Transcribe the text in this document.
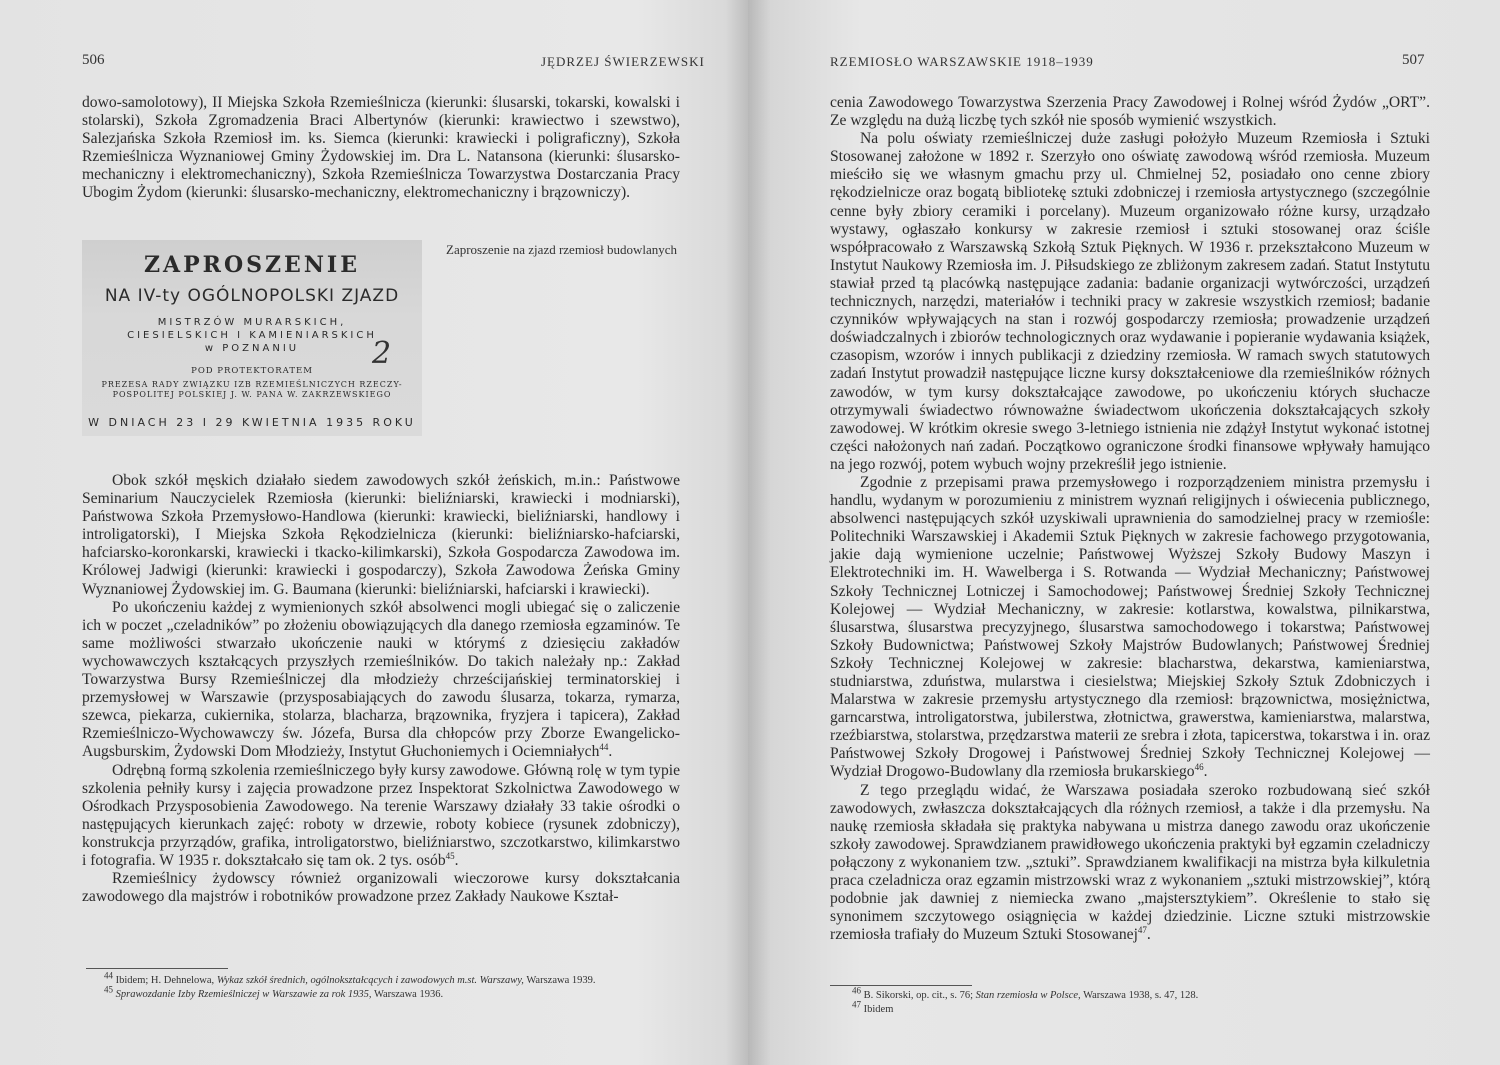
506	JĘDRZEJ ŚWIERZEWSKI

dowo-samolotowy), II Miejska Szkoła Rzemieślnicza (kierunki: ślusarski, tokarski, kowalski i stolarski), Szkoła Zgromadzenia Braci Albertynów (kierunki: krawiectwo i szewstwo), Salezjańska Szkoła Rzemiosł im. ks. Siemca (kierunki: krawiecki i poligraficzny), Szkoła Rzemieślnicza Wyznaniowej Gminy Żydowskiej im. Dra L. Natansona (kierunki: ślusarsko-mechaniczny i elektromechaniczny), Szkoła Rzemieślnicza Towarzystwa Dostarczania Pracy Ubogim Żydom (kierunki: ślusarsko-mechaniczny, elektromechaniczny i brązowniczy).

ZAPROSZENIE
NA IV-ty OGÓLNOPOLSKI ZJAZD
MISTRZÓW MURARSKICH,
CIESIELSKICH I KAMIENIARSKICH
w POZNANIU	2
POD PROTEKTORATEM
PREZESA RADY ZWIĄZKU IZB RZEMIEŚLNICZYCH RZECZY-
POSPOLITEJ POLSKIEJ J. W. PANA W. ZAKRZEWSKIEGO
W DNIACH 23 I 29 KWIETNIA 1935 ROKU
Zaproszenie na zjazd rzemiosł budowlanych

Obok szkół męskich działało siedem zawodowych szkół żeńskich, m.in.: Państwowe Seminarium Nauczycielek Rzemiosła (kierunki: bieliźniarski, krawiecki i modniarski), Państwowa Szkoła Przemysłowo-Handlowa (kierunki: krawiecki, bieliźniarski, handlowy i introligatorski), I Miejska Szkoła Rękodzielnicza (kierunki: bieliźniarsko-hafciarski, hafciarsko-koronkarski, krawiecki i tkacko-kilimkarski), Szkoła Gospodarcza Zawodowa im. Królowej Jadwigi (kierunki: krawiecki i gospodarczy), Szkoła Zawodowa Żeńska Gminy Wyznaniowej Żydowskiej im. G. Baumana (kierunki: bieliźniarski, hafciarski i krawiecki).

Po ukończeniu każdej z wymienionych szkół absolwenci mogli ubiegać się o zaliczenie ich w poczet „czeladników” po złożeniu obowiązujących dla danego rzemiosła egzaminów. Te same możliwości stwarzało ukończenie nauki w którymś z dziesięciu zakładów wychowawczych kształcących przyszłych rzemieślników. Do takich należały np.: Zakład Towarzystwa Bursy Rzemieślniczej dla młodzieży chrześcijańskiej terminatorskiej i przemysłowej w Warszawie (przysposabiających do zawodu ślusarza, tokarza, rymarza, szewca, piekarza, cukiernika, stolarza, blacharza, brązownika, fryzjera i tapicera), Zakład Rzemieślniczo-Wychowawczy św. Józefa, Bursa dla chłopców przy Zborze Ewangelicko-Augsburskim, Żydowski Dom Młodzieży, Instytut Głuchoniemych i Ociemniałych$^{44}$.

Odrębną formą szkolenia rzemieślniczego były kursy zawodowe. Główną rolę w tym typie szkolenia pełniły kursy i zajęcia prowadzone przez Inspektorat Szkolnictwa Zawodowego w Ośrodkach Przysposobienia Zawodowego. Na terenie Warszawy działały 33 takie ośrodki o następujących kierunkach zajęć: roboty w drzewie, roboty kobiece (rysunek zdobniczy), konstrukcja przyrządów, grafika, introligatorstwo, bieliźniarstwo, szczotkarstwo, kilimkarstwo i fotografia. W 1935 r. dokształcało się tam ok. 2 tys. osób$^{45}$.

Rzemieślnicy żydowscy również organizowali wieczorowe kursy dokształcania zawodowego dla majstrów i robotników prowadzone przez Zakłady Naukowe Kształ-

$^{44}$ Ibidem; H. Dehnelowa, Wykaz szkół średnich, ogólnokształcących i zawodowych m.st. Warszawy, Warszawa 1939.
$^{45}$ Sprawozdanie Izby Rzemieślniczej w Warszawie za rok 1935, Warszawa 1936.
RZEMIOSŁO WARSZAWSKIE 1918–1939	507

cenia Zawodowego Towarzystwa Szerzenia Pracy Zawodowej i Rolnej wśród Żydów „ORT”. Ze względu na dużą liczbę tych szkół nie sposób wymienić wszystkich.

Na polu oświaty rzemieślniczej duże zasługi położyło Muzeum Rzemiosła i Sztuki Stosowanej założone w 1892 r. Szerzyło ono oświatę zawodową wśród rzemiosła. Muzeum mieściło się we własnym gmachu przy ul. Chmielnej 52, posiadało ono cenne zbiory rękodzielnicze oraz bogatą bibliotekę sztuki zdobniczej i rzemiosła artystycznego (szczególnie cenne były zbiory ceramiki i porcelany). Muzeum organizowało różne kursy, urządzało wystawy, ogłaszało konkursy w zakresie rzemiosł i sztuki stosowanej oraz ściśle współpracowało z Warszawską Szkołą Sztuk Pięknych. W 1936 r. przekształcono Muzeum w Instytut Naukowy Rzemiosła im. J. Piłsudskiego ze zbliżonym zakresem zadań. Statut Instytutu stawiał przed tą placówką następujące zadania: badanie organizacji wytwórczości, urządzeń technicznych, narzędzi, materiałów i techniki pracy w zakresie wszystkich rzemiosł; badanie czynników wpływających na stan i rozwój gospodarczy rzemiosła; prowadzenie urządzeń doświadczalnych i zbiorów technologicznych oraz wydawanie i popieranie wydawania książek, czasopism, wzorów i innych publikacji z dziedziny rzemiosła. W ramach swych statutowych zadań Instytut prowadził następujące liczne kursy dokształceniowe dla rzemieślników różnych zawodów, w tym kursy dokształcające zawodowe, po ukończeniu których słuchacze otrzymywali świadectwo równoważne świadectwom ukończenia dokształcających szkoły zawodowej. W krótkim okresie swego 3-letniego istnienia nie zdążył Instytut wykonać istotnej części nałożonych nań zadań. Początkowo ograniczone środki finansowe wpływały hamująco na jego rozwój, potem wybuch wojny przekreślił jego istnienie.

Zgodnie z przepisami prawa przemysłowego i rozporządzeniem ministra przemysłu i handlu, wydanym w porozumieniu z ministrem wyznań religijnych i oświecenia publicznego, absolwenci następujących szkół uzyskiwali uprawnienia do samodzielnej pracy w rzemiośle: Politechniki Warszawskiej i Akademii Sztuk Pięknych w zakresie fachowego przygotowania, jakie dają wymienione uczelnie; Państwowej Wyższej Szkoły Budowy Maszyn i Elektrotechniki im. H. Wawelberga i S. Rotwanda — Wydział Mechaniczny; Państwowej Szkoły Technicznej Lotniczej i Samochodowej; Państwowej Średniej Szkoły Technicznej Kolejowej — Wydział Mechaniczny, w zakresie: kotlarstwa, kowalstwa, pilnikarstwa, ślusarstwa, ślusarstwa precyzyjnego, ślusarstwa samochodowego i tokarstwa; Państwowej Szkoły Budownictwa; Państwowej Szkoły Majstrów Budowlanych; Państwowej Średniej Szkoły Technicznej Kolejowej w zakresie: blacharstwa, dekarstwa, kamieniarstwa, studniarstwa, zduństwa, mularstwa i ciesielstwa; Miejskiej Szkoły Sztuk Zdobniczych i Malarstwa w zakresie przemysłu artystycznego dla rzemiosł: brązownictwa, mosiężnictwa, garncarstwa, introligatorstwa, jubilerstwa, złotnictwa, grawerstwa, kamieniarstwa, malarstwa, rzeźbiarstwa, stolarstwa, przędzarstwa materii ze srebra i złota, tapicerstwa, tokarstwa i in. oraz Państwowej Szkoły Drogowej i Państwowej Średniej Szkoły Technicznej Kolejowej — Wydział Drogowo-Budowlany dla rzemiosła brukarskiego$^{46}$.

Z tego przeglądu widać, że Warszawa posiadała szeroko rozbudowaną sieć szkół zawodowych, zwłaszcza dokształcających dla różnych rzemiosł, a także i dla przemysłu. Na naukę rzemiosła składała się praktyka nabywana u mistrza danego zawodu oraz ukończenie szkoły zawodowej. Sprawdzianem prawidłowego ukończenia praktyki był egzamin czeladniczy połączony z wykonaniem tzw. „sztuki”. Sprawdzianem kwalifikacji na mistrza była kilkuletnia praca czeladnicza oraz egzamin mistrzowski wraz z wykonaniem „sztuki mistrzowskiej”, którą podobnie jak dawniej z niemiecka zwano „majstersztykiem”. Określenie to stało się synonimem szczytowego osiągnięcia w każdej dziedzinie. Liczne sztuki mistrzowskie rzemiosła trafiały do Muzeum Sztuki Stosowanej$^{47}$.

$^{46}$ B. Sikorski, op. cit., s. 76; Stan rzemiosła w Polsce, Warszawa 1938, s. 47, 128.
$^{47}$ Ibidem
